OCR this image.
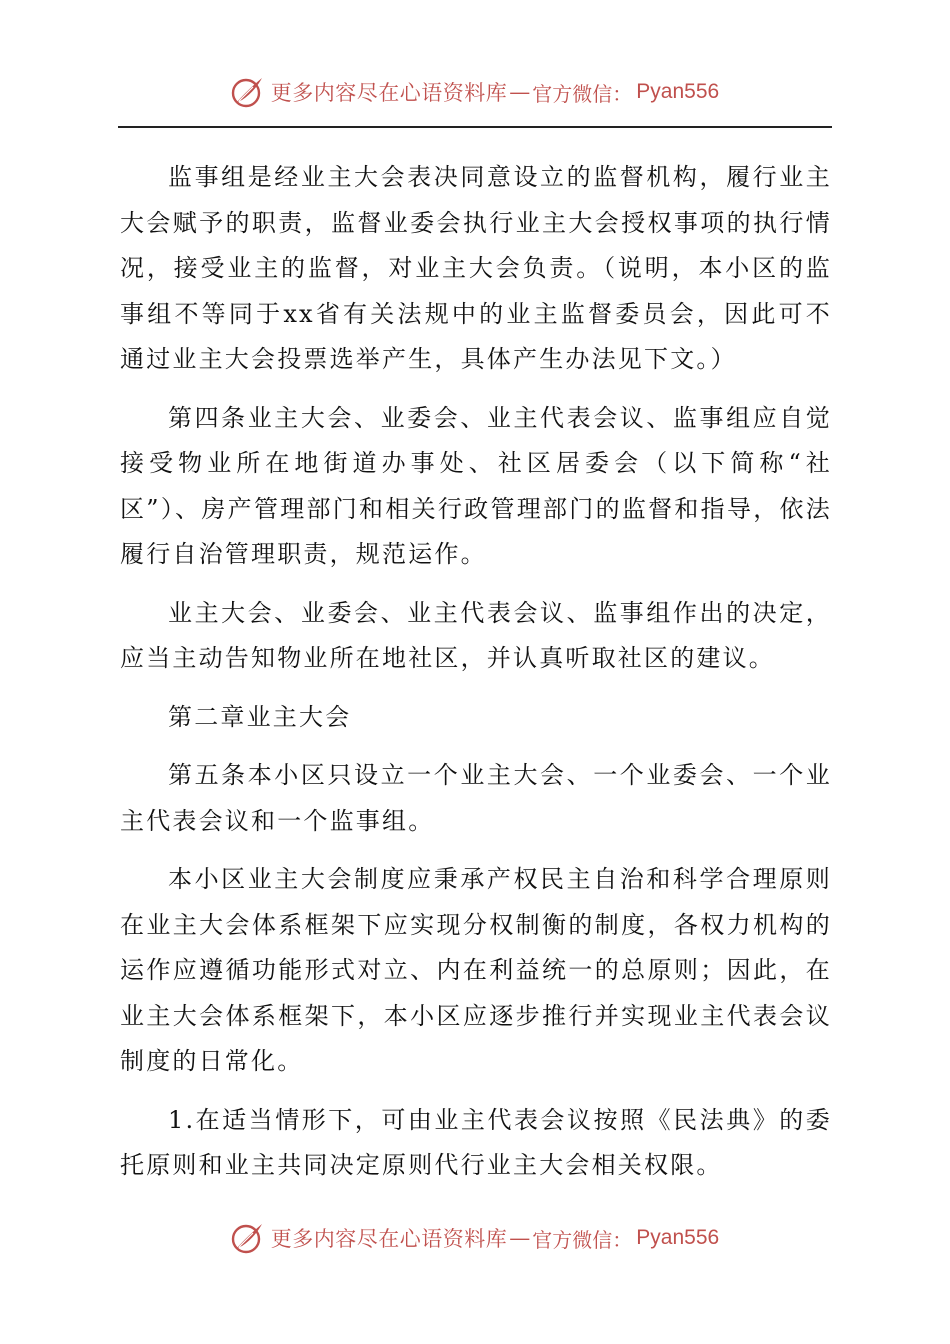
更多内容尽在心语资料库 — 官方微信： Pyan556

监事组是经业主大会表决同意设立的监督机构，履行业主大会赋予的职责，监督业委会执行业主大会授权事项的执行情况，接受业主的监督，对业主大会负责。（说明，本小区的监事组不等同于xx省有关法规中的业主监督委员会，因此可不通过业主大会投票选举产生，具体产生办法见下文。）

第四条业主大会、业委会、业主代表会议、监事组应自觉接受物业所在地街道办事处、社区居委会（以下简称“社区”）、房产管理部门和相关行政管理部门的监督和指导，依法履行自治管理职责，规范运作。

业主大会、业委会、业主代表会议、监事组作出的决定，应当主动告知物业所在地社区，并认真听取社区的建议。

第二章业主大会

第五条本小区只设立一个业主大会、一个业委会、一个业主代表会议和一个监事组。

本小区业主大会制度应秉承产权民主自治和科学合理原则在业主大会体系框架下应实现分权制衡的制度，各权力机构的运作应遵循功能形式对立、内在利益统一的总原则；因此，在业主大会体系框架下，本小区应逐步推行并实现业主代表会议制度的日常化。

1.在适当情形下，可由业主代表会议按照《民法典》的委托原则和业主共同决定原则代行业主大会相关权限。

更多内容尽在心语资料库 — 官方微信： Pyan556
